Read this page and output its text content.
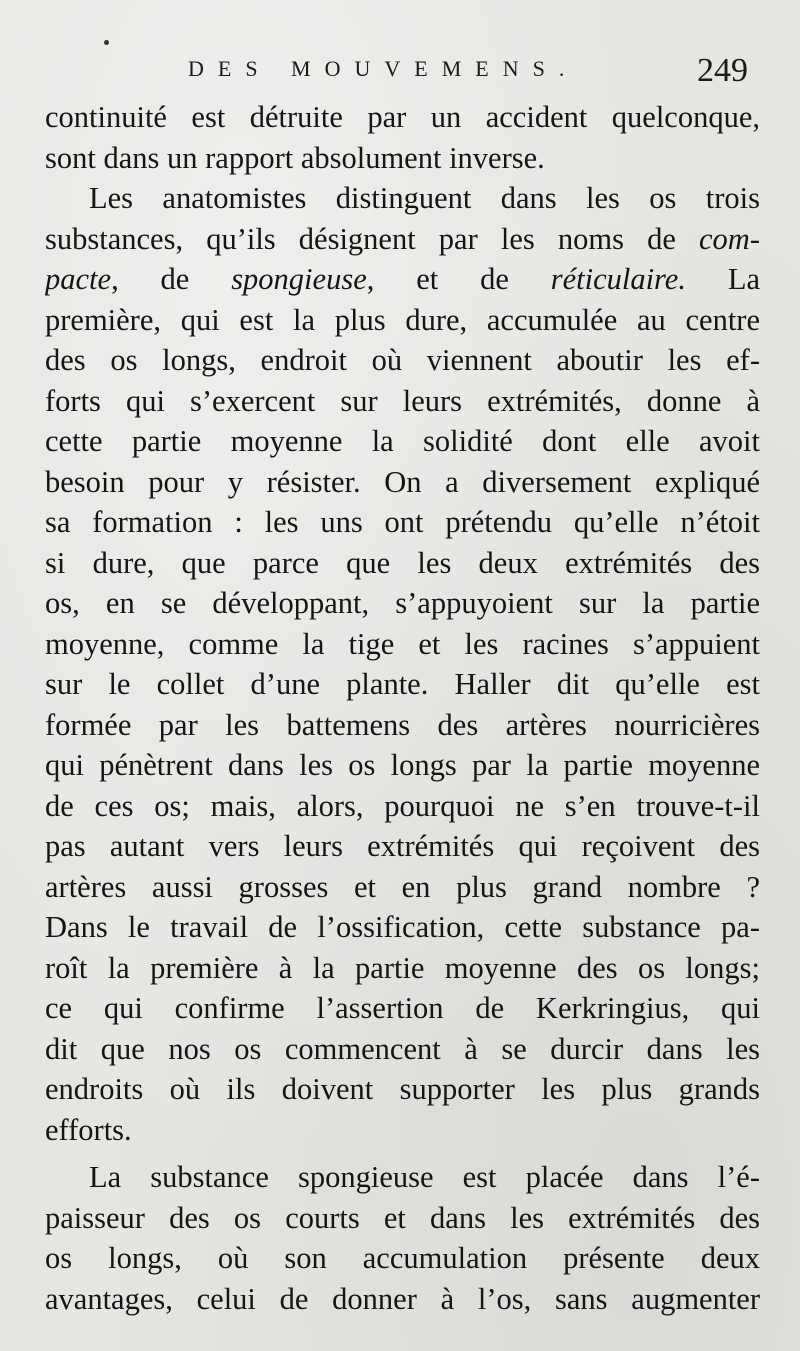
DES MOUVEMENS.	249
continuité est détruite par un accident quelconque,
sont dans un rapport absolument inverse.
Les anatomistes distinguent dans les os trois
substances, qu’ils désignent par les noms de com-
pacte, de spongieuse, et de réticulaire. La
première, qui est la plus dure, accumulée au centre
des os longs, endroit où viennent aboutir les ef-
forts qui s’exercent sur leurs extrémités, donne à
cette partie moyenne la solidité dont elle avoit
besoin pour y résister. On a diversement expliqué
sa formation : les uns ont prétendu qu’elle n’étoit
si dure, que parce que les deux extrémités des
os, en se développant, s’appuyoient sur la partie
moyenne, comme la tige et les racines s’appuient
sur le collet d’une plante. Haller dit qu’elle est
formée par les battemens des artères nourricières
qui pénètrent dans les os longs par la partie moyenne
de ces os; mais, alors, pourquoi ne s’en trouve-t-il
pas autant vers leurs extrémités qui reçoivent des
artères aussi grosses et en plus grand nombre ?
Dans le travail de l’ossification, cette substance pa-
roît la première à la partie moyenne des os longs;
ce qui confirme l’assertion de Kerkringius, qui
dit que nos os commencent à se durcir dans les
endroits où ils doivent supporter les plus grands
efforts.
La substance spongieuse est placée dans l’é-
paisseur des os courts et dans les extrémités des
os longs, où son accumulation présente deux
avantages, celui de donner à l’os, sans augmenter
